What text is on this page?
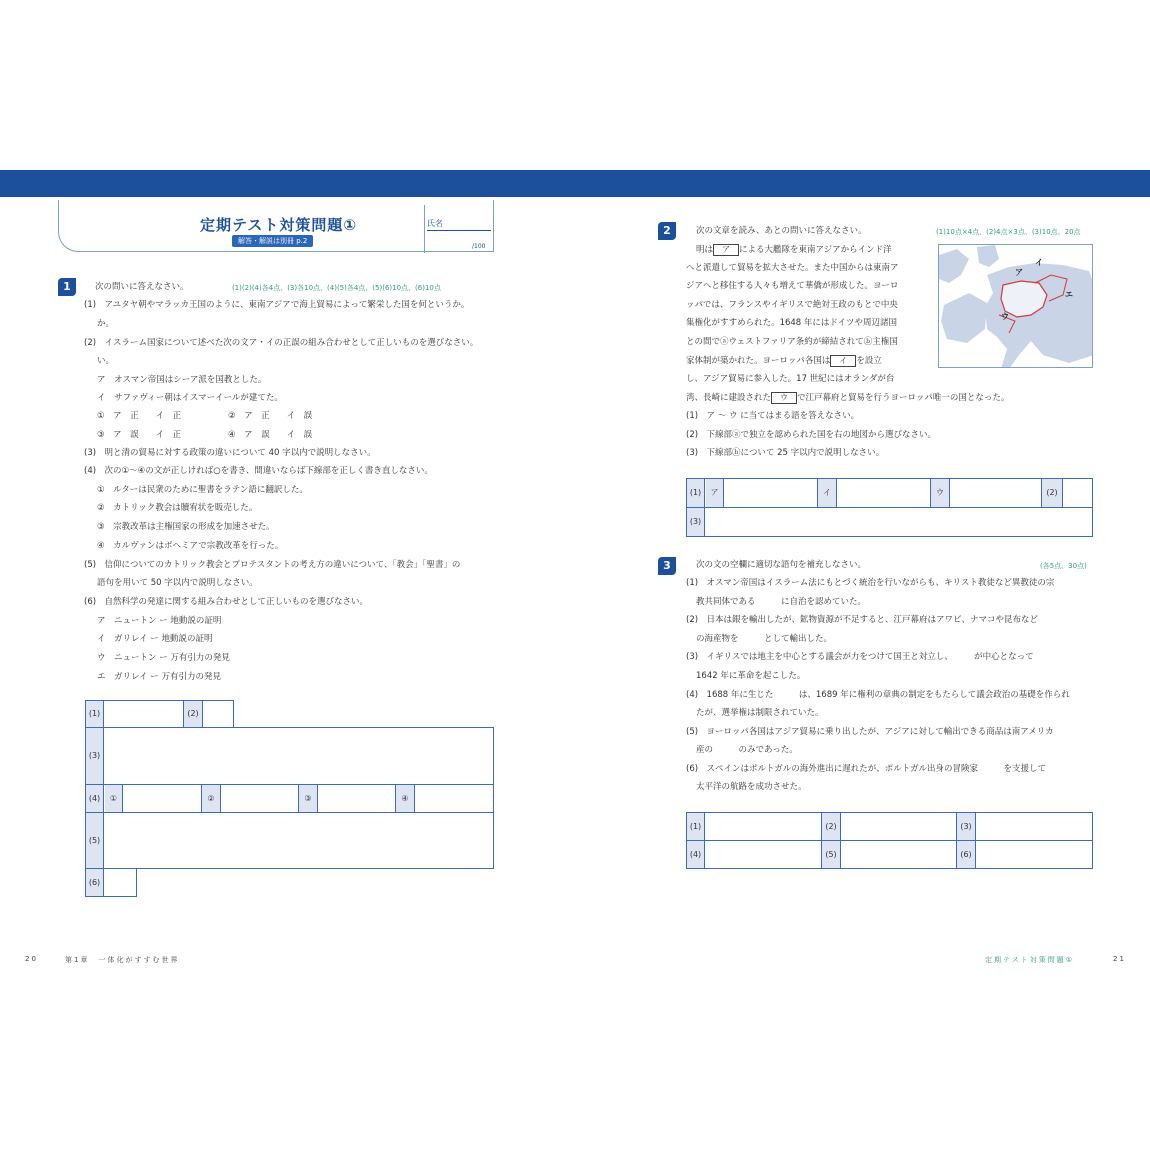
定期テスト対策問題①
解答・解説は別冊 p.2
氏名
/100
1	次の問いに答えなさい。	(1)(2)(4)各4点、(3)各10点、(4)(5)各4点、(5)(6)10点、(6)10点
(1)　アユタヤ朝やマラッカ王国のように、東南アジアで海上貿易によって繁栄した国を何というか。
か。
(2)　イスラーム国家について述べた次の文ア・イの正誤の組み合わせとして正しいものを選びなさい。
い。
ア　オスマン帝国はシーア派を国教とした。
イ　サファヴィー朝はイスマーイールが建てた。
①　ア　正　　イ　正	②　ア　正　　イ　誤
③　ア　誤　　イ　正	④　ア　誤　　イ　誤
(3)　明と清の貿易に対する政策の違いについて 40 字以内で説明しなさい。
(4)　次の①〜④の文が正しければ○を書き、間違いならば下線部を正しく書き直しなさい。
①　ルターは民衆のために聖書をラテン語に翻訳した。
②　カトリック教会は贖宥状を販売した。
③　宗教改革は主権国家の形成を加速させた。
④　カルヴァンはボヘミアで宗教改革を行った。
(5)　信仰についてのカトリック教会とプロテスタントの考え方の違いについて、「教会」「聖書」の
語句を用いて 50 字以内で説明しなさい。
(6)　自然科学の発達に関する組み合わせとして正しいものを選びなさい。
ア　ニュートン ー 地動説の証明
イ　ガリレイ ー 地動説の証明
ウ　ニュートン ー 万有引力の発見
エ　ガリレイ ー 万有引力の発見
(1)	(2)
(3)
(4)	①	②	③	④
(5)
(6)
20	第1章　一体化がすすむ世界
2	次の文章を読み、あとの問いに答えなさい。	(1)10点×4点、(2)4点×3点、(3)10点、20点
明は ア による大艦隊を東南アジアからインド洋
へと派遣して貿易を拡大させた。また中国からは東南ア
ジアへと移住する人々も増えて華僑が形成した。ヨーロ
ッパでは、フランスやイギリスで絶対王政のもとで中央
集権化がすすめられた。1648 年にはドイツや周辺諸国
との間でⓐウェストファリア条約が締結されてⓑ主権国
家体制が築かれた。ヨーロッパ各国は イ を設立
し、アジア貿易に参入した。17 世紀にはオランダが台
湾、長崎に建設された ウ で江戸幕府と貿易を行うヨーロッパ唯一の国となった。
(1)　ア 〜 ウ に当てはまる語を答えなさい。
(2)　下線部ⓐで独立を認められた国を右の地図から選びなさい。
(3)　下線部ⓑについて 25 字以内で説明しなさい。
ア
イ
ウ
エ
(1)	ア	イ	ウ	(2)
(3)
3	次の文の空欄に適切な語句を補充しなさい。	(各5点、30点)
(1)　オスマン帝国はイスラーム法にもとづく統治を行いながらも、キリスト教徒など異教徒の宗
教共同体である　　　に自治を認めていた。
(2)　日本は銀を輸出したが、鉱物資源が不足すると、江戸幕府はアワビ、ナマコや昆布など
の海産物を　　　として輸出した。
(3)　イギリスでは地主を中心とする議会が力をつけて国王と対立し、　　　が中心となって
1642 年に革命を起こした。
(4)　1688 年に生じた　　　は、1689 年に権利の章典の制定をもたらして議会政治の基礎を作られ
たが、選挙権は制限されていた。
(5)　ヨーロッパ各国はアジア貿易に乗り出したが、アジアに対して輸出できる商品は南アメリカ
産の　　　のみであった。
(6)　スペインはポルトガルの海外進出に遅れたが、ポルトガル出身の冒険家　　　を支援して
太平洋の航路を成功させた。
(1)	(2)	(3)
(4)	(5)	(6)
定期テスト対策問題①	21
